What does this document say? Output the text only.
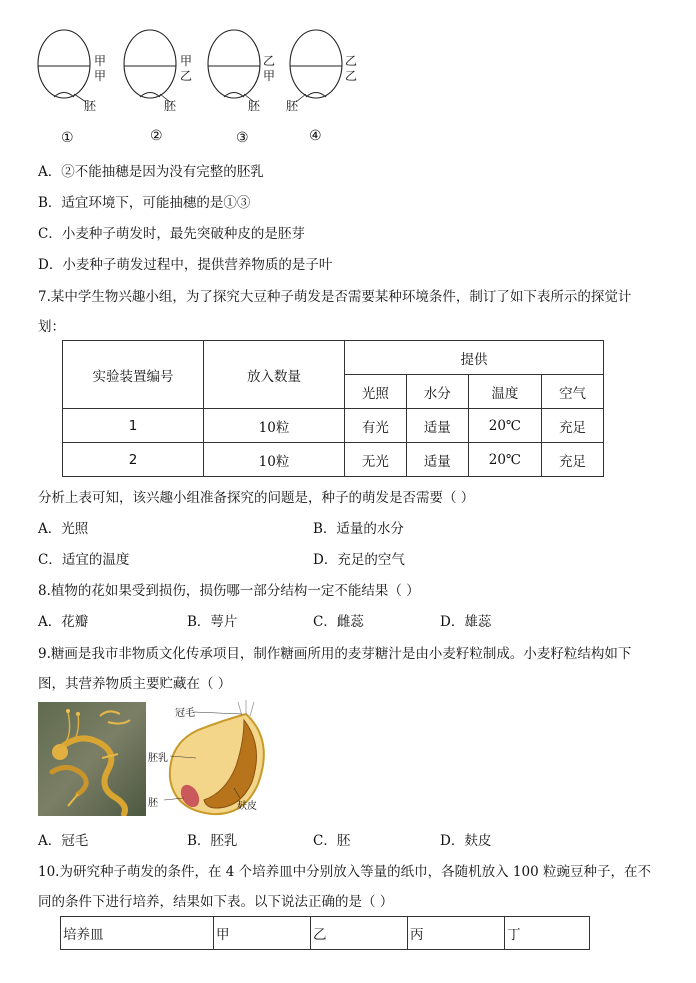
甲
甲
胚
①
甲
乙
胚
②
乙
甲
胚
③
乙
乙
胚
④
A．②不能抽穗是因为没有完整的胚乳
B．适宜环境下，可能抽穗的是①③
C．小麦种子萌发时，最先突破种皮的是胚芽
D．小麦种子萌发过程中，提供营养物质的是子叶
7.某中学生物兴趣小组，为了探究大豆种子萌发是否需要某种环境条件，制订了如下表所示的探觉计
划：
实验装置编号	放入数量	提供			
		光照	水分	温度	空气
1	10粒	有光	适量	20℃	充足
2	10粒	无光	适量	20℃	充足
分析上表可知，该兴趣小组准备探究的问题是，种子的萌发是否需要（ ）
A．光照	B．适量的水分
C．适宜的温度	D．充足的空气
8.植物的花如果受到损伤，损伤哪一部分结构一定不能结果（ ）
A．花瓣	B．萼片	C．雌蕊	D．雄蕊
9.糖画是我市非物质文化传承项目，制作糖画所用的麦芽糖汁是由小麦籽粒制成。小麦籽粒结构如下
图，其营养物质主要贮藏在（ ）
冠毛
胚乳
胚	麸皮
A．冠毛	B．胚乳	C．胚	D．麸皮
10.为研究种子萌发的条件，在 4 个培养皿中分别放入等量的纸巾，各随机放入 100 粒豌豆种子，在不
同的条件下进行培养，结果如下表。以下说法正确的是（ ）
培养皿	甲	乙	丙	丁
